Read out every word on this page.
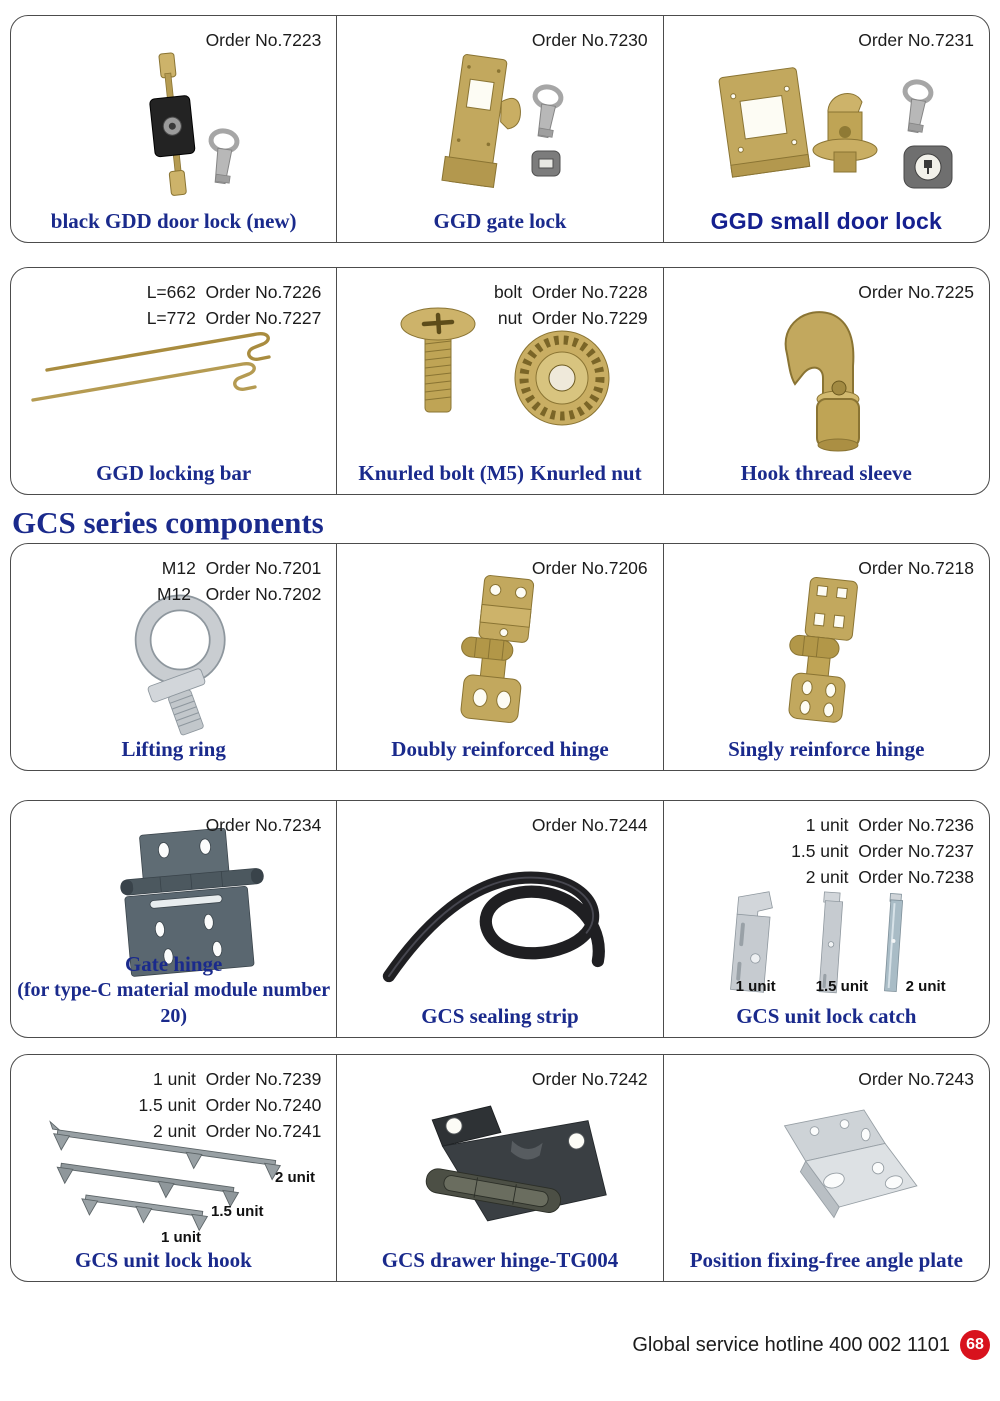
Order No.7223
black GDD door lock (new)
Order No.7230
GGD gate lock
Order No.7231
GGD small door lock
L=662  Order No.7226
L=772  Order No.7227
GGD locking bar
bolt  Order No.7228
nut  Order No.7229
Knurled bolt (M5) Knurled nut
Order No.7225
Hook thread sleeve
GCS series components
M12  Order No.7201
M12   Order No.7202
Lifting ring
Order No.7206
Doubly reinforced hinge
Order No.7218
Singly reinforce hinge
Order No.7234
Gate hinge
(for type-C material module number 20)
Order No.7244
GCS sealing strip
1 unit  Order No.7236
1.5 unit  Order No.7237
2 unit  Order No.7238
1 unit	1.5 unit 2 unit
GCS unit lock catch
1 unit  Order No.7239
1.5 unit  Order No.7240
2 unit  Order No.7241
2 unit
1.5 unit
1 unit
GCS unit lock hook
Order No.7242
GCS drawer hinge-TG004
Order No.7243
Position fixing-free angle plate
Global service hotline 400 002 1101	68
